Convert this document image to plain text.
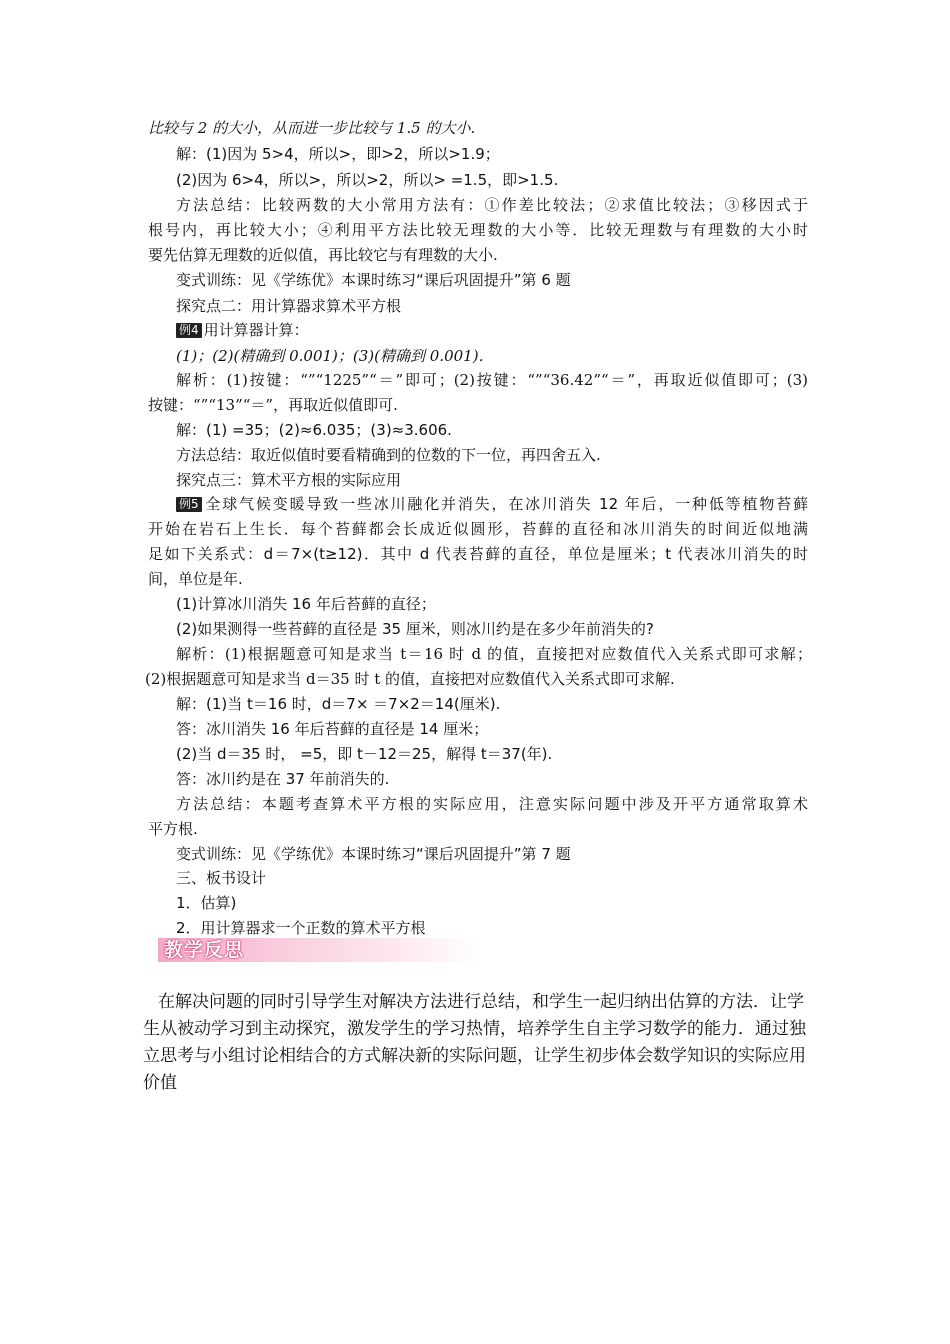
比较与 2 的大小，从而进一步比较与 1.5 的大小.
解：(1)因为 5>4，所以>，即>2，所以>1.9；
(2)因为 6>4，所以>，所以>2，所以> =1.5，即>1.5.
方法总结：比较两数的大小常用方法有：①作差比较法；②求值比较法；③移因式于
根号内，再比较大小；④利用平方法比较无理数的大小等．比较无理数与有理数的大小时
要先估算无理数的近似值，再比较它与有理数的大小.
变式训练：见《学练优》本课时练习“课后巩固提升”第 6 题
探究点二：用计算器求算术平方根
例4 用计算器计算：
(1)；(2)(精确到 0.001)；(3)(精确到 0.001)．
解析：(1)按键：“”“1225”“＝”即可；(2)按键：“”“36.42”“＝”，再取近似值即可；(3)
按键：“”“13”“＝”，再取近似值即可.
解：(1) =35；(2)≈6.035；(3)≈3.606.
方法总结：取近似值时要看精确到的位数的下一位，再四舍五入.
探究点三：算术平方根的实际应用
例5 全球气候变暖导致一些冰川融化并消失，在冰川消失 12 年后，一种低等植物苔藓
开始在岩石上生长．每个苔藓都会长成近似圆形，苔藓的直径和冰川消失的时间近似地满
足如下关系式：d＝7×(t≥12)．其中 d 代表苔藓的直径，单位是厘米；t 代表冰川消失的时
间，单位是年.
(1)计算冰川消失 16 年后苔藓的直径；
(2)如果测得一些苔藓的直径是 35 厘米，则冰川约是在多少年前消失的?
解析：(1)根据题意可知是求当 t＝16 时 d 的值，直接把对应数值代入关系式即可求解；
(2)根据题意可知是求当 d＝35 时 t 的值，直接把对应数值代入关系式即可求解.
解：(1)当 t＝16 时，d＝7× ＝7×2＝14(厘米).
答：冰川消失 16 年后苔藓的直径是 14 厘米；
(2)当 d＝35 时， =5，即 t－12＝25，解得 t＝37(年).
答：冰川约是在 37 年前消失的.
方法总结：本题考查算术平方根的实际应用，注意实际问题中涉及开平方通常取算术
平方根.
变式训练：见《学练优》本课时练习“课后巩固提升”第 7 题
三、板书设计
1．估算)
2．用计算器求一个正数的算术平方根
教学反思
在解决问题的同时引导学生对解决方法进行总结，和学生一起归纳出估算的方法．让学生从被动学习到主动探究，激发学生的学习热情，培养学生自主学习数学的能力．通过独立思考与小组讨论相结合的方式解决新的实际问题，让学生初步体会数学知识的实际应用价值
